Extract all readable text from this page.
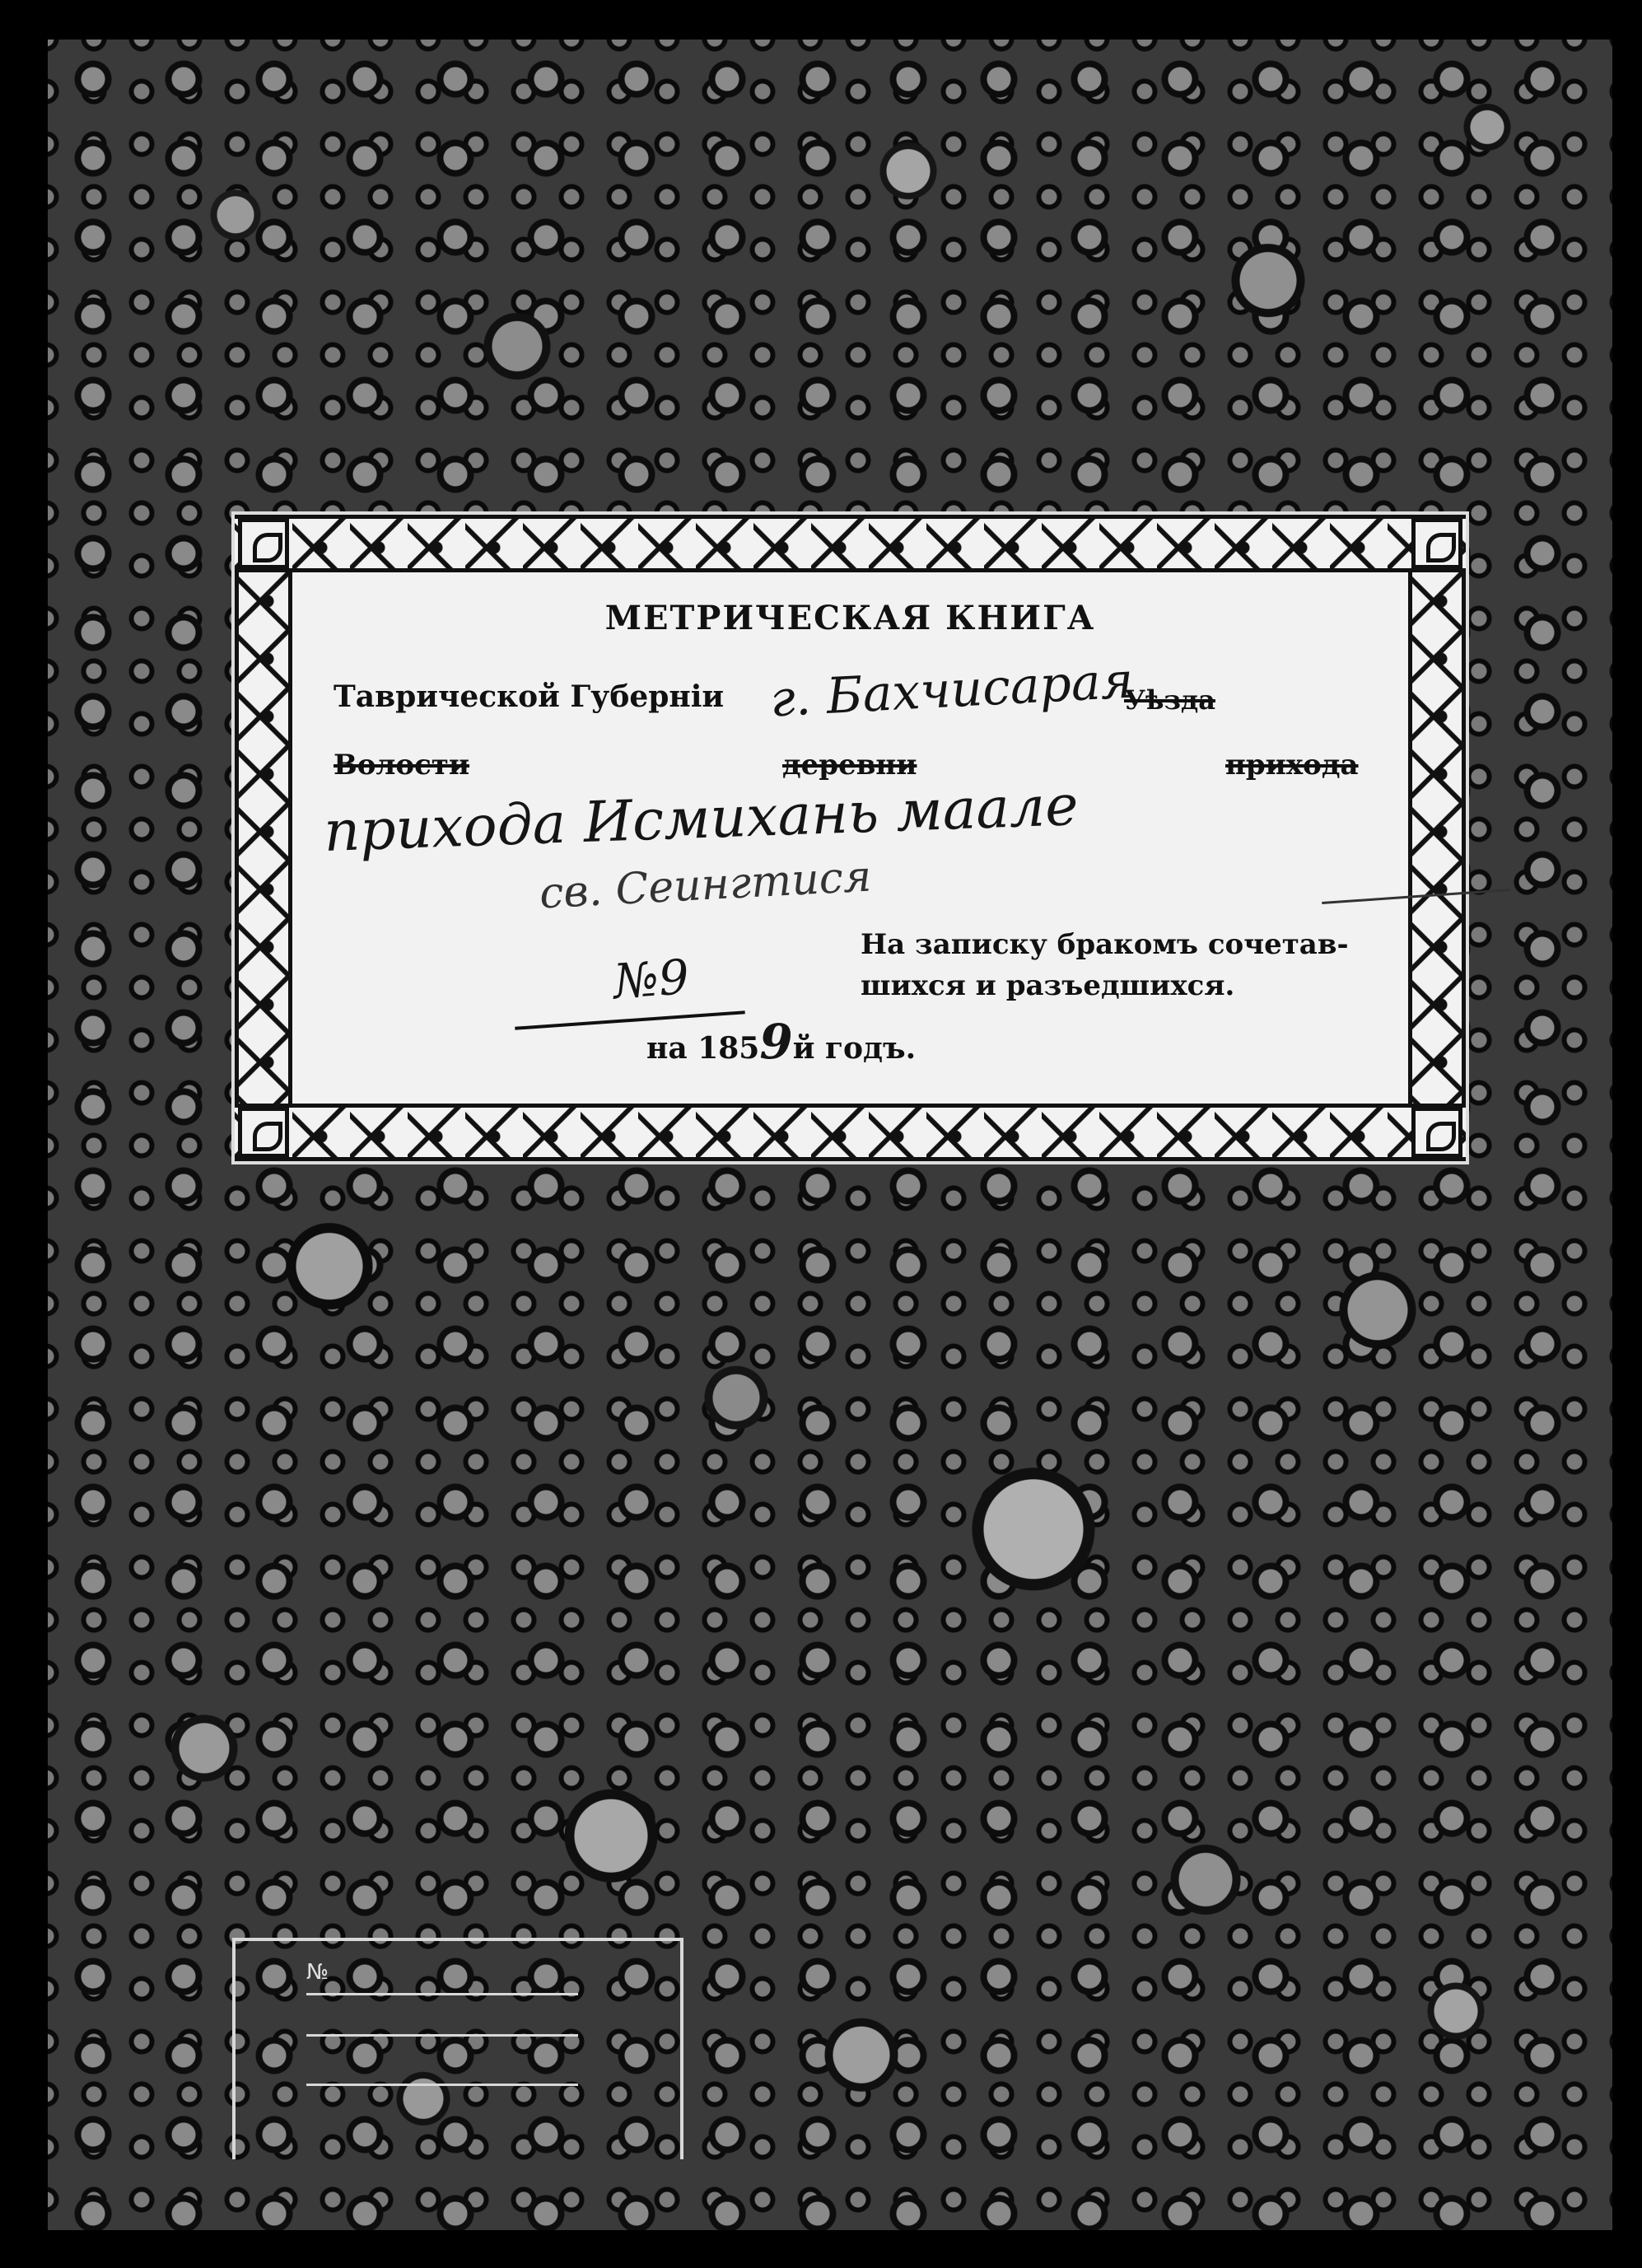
МЕТРИЧЕСКАЯ КНИГА
Таврической Губерніи г. Бахчисарая
Уѣзда
Волости	деревни	прихода
прихода Исмихань маале
св. Сеингтися
№9
На записку бракомъ сочетав-
шихся и разъедшихся.
на 1859й годъ.
№
